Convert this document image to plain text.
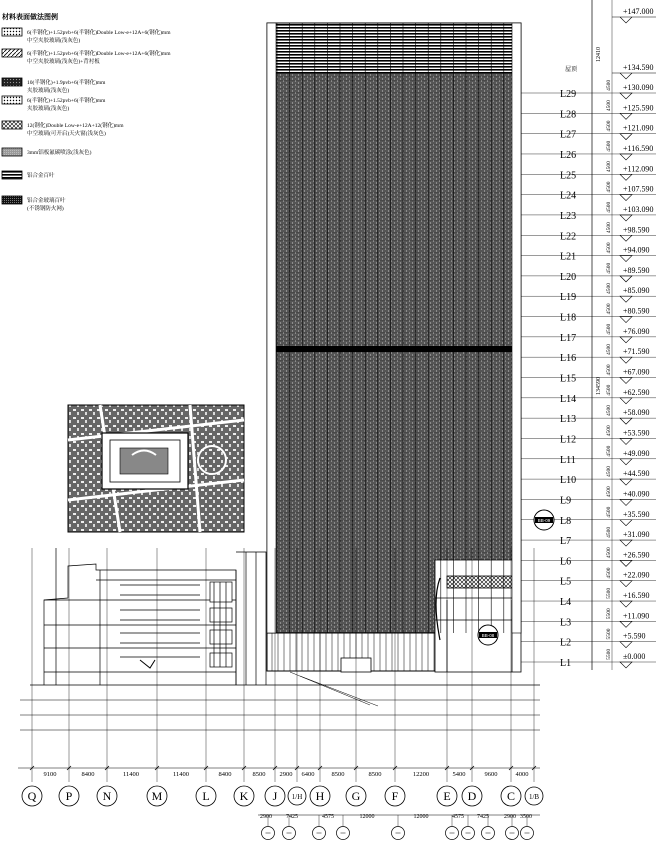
材料表面做法图例
6(半钢化)+1.52pvb+6(半钢化)Double Low-e+12A+6(钢化)mm
中空夹胶玻璃(浅灰色)
6(半钢化)+1.52pvb+6(半钢化)Double Low-e+12A+6(钢化)mm
中空夹胶玻璃(浅灰色)+背衬板
10(半钢化)+1.9pvb+6(半钢化)mm
夹胶玻璃(浅灰色)
6(半钢化)+1.52pvb+6(半钢化)mm
夹胶玻璃(浅灰色)
12(钢化)Double Low-e+12A+12(钢化)mm
中空玻璃(可开启)天火窗(浅灰色)
3mm铝板氟碳喷涂(浅灰色)
铝合金百叶
铝合金玻璃百叶
(不锈钢防火网)
L1
±0.000
5500
L2
+5.590
5500
L3
+11.090
5500
L4
+16.590
5500
L5
+22.090
4500
L6
+26.590
4500
L7
+31.090
4500
L8
+35.590
4500
L9
+40.090
4500
L10
+44.590
4500
L11
+49.090
4500
L12
+53.590
4500
L13
+58.090
4500
L14
+62.590
4500
L15
+67.090
4500
L16
+71.590
4500
L17
+76.090
4500
L18
+80.590
4500
L19
+85.090
4500
L20
+89.590
4500
L21
+94.090
4500
L22
+98.590
4500
L23
+103.090
4500
L24
+107.590
4500
L25
+112.090
4500
L26
+116.590
4500
L27
+121.090
4500
L28
+125.590
4500
L29
+130.090
4500
屋顶	+134.590
12410
+147.000
134590
BB-09
BB-08
9100	8400	11400	11400	8400	8500 2900 6400	8500	8500	12200	5400	9600	4000
Q P	N	M	L K J 1/H H G	F	E D	C 1/B
2900 7425	4575	12000	12000	4575 7425	2900 3500
